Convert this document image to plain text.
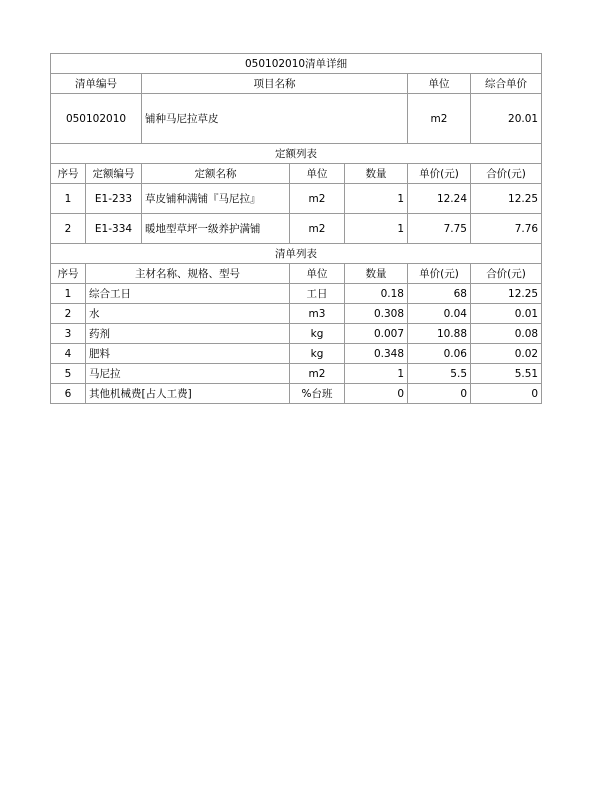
050102010清单详细						
清单编号		项目名称			单位	综合单价
050102010		铺种马尼拉草皮			m2	20.01
定额列表						
序号	定额编号	定额名称	单位	数量	单价(元)	合价(元)
1	E1-233	草皮铺种满铺『马尼拉』	m2	1	12.24	12.25
2	E1-334	暖地型草坪一级养护满铺	m2	1	7.75	7.76
清单列表						
序号	主材名称、规格、型号		单位	数量	单价(元)	合价(元)
1	综合工日		工日	0.18	68	12.25
2	水		m3	0.308	0.04	0.01
3	药剂		kg	0.007	10.88	0.08
4	肥料		kg	0.348	0.06	0.02
5	马尼拉		m2	1	5.5	5.51
6	其他机械费[占人工费]		%台班	0	0	0
